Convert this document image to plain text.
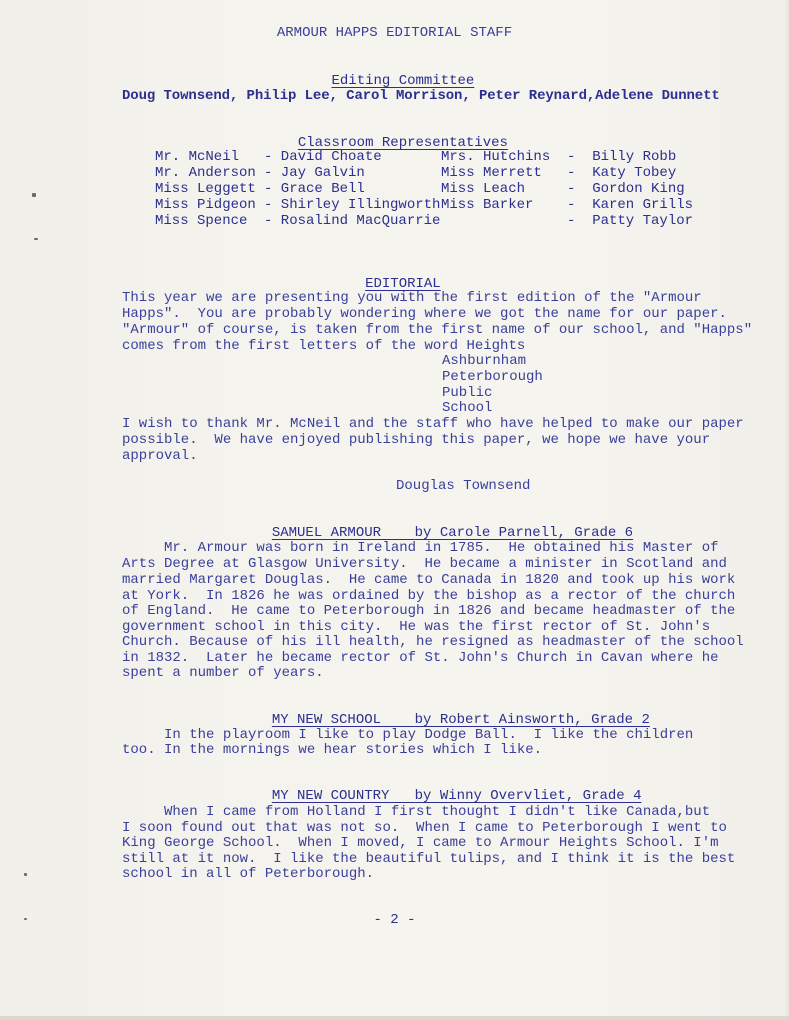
ARMOUR HAPPS EDITORIAL STAFF

Editing Committee

Doug Townsend, Philip Lee, Carol Morrison, Peter Reynard,Adelene Dunnett

Classroom Representatives

Mr. McNeil - David Choate	Mrs. Hutchins -  Billy Robb
Mr. Anderson - Jay Galvin	Miss Merrett -  Katy Tobey
Miss Leggett - Grace Bell	Miss Leach	-  Gordon King
Miss Pidgeon - Shirley Illingworth Miss Barker -  Karen Grills
Miss Spence - Rosalind MacQuarrie	-  Patty Taylor

EDITORIAL

This year we are presenting you with the first edition of the "Armour
Happs".  You are probably wondering where we got the name for our paper.
"Armour" of course, is taken from the first name of our school, and "Happs"
comes from the first letters of the word Heights
Ashburnham
Peterborough
Public
School
I wish to thank Mr. McNeil and the staff who have helped to make our paper
possible.  We have enjoyed publishing this paper, we hope we have your
approval.
Douglas Townsend

SAMUEL ARMOUR by Carole Parnell, Grade 6

Mr. Armour was born in Ireland in 1785.  He obtained his Master of
Arts Degree at Glasgow University.  He became a minister in Scotland and
married Margaret Douglas.  He came to Canada in 1820 and took up his work
at York.  In 1826 he was ordained by the bishop as a rector of the church
of England.  He came to Peterborough in 1826 and became headmaster of the
government school in this city.  He was the first rector of St. John's
Church. Because of his ill health, he resigned as headmaster of the school
in 1832.  Later he became rector of St. John's Church in Cavan where he
spent a number of years.

MY NEW SCHOOL by Robert Ainsworth, Grade 2

In the playroom I like to play Dodge Ball.  I like the children
too. In the mornings we hear stories which I like.

MY NEW COUNTRY by Winny Overvliet, Grade 4

When I came from Holland I first thought I didn't like Canada,but
I soon found out that was not so.  When I came to Peterborough I went to
King George School.  When I moved, I came to Armour Heights School. I'm
still at it now.  I like the beautiful tulips, and I think it is the best
school in all of Peterborough.
- 2 -
